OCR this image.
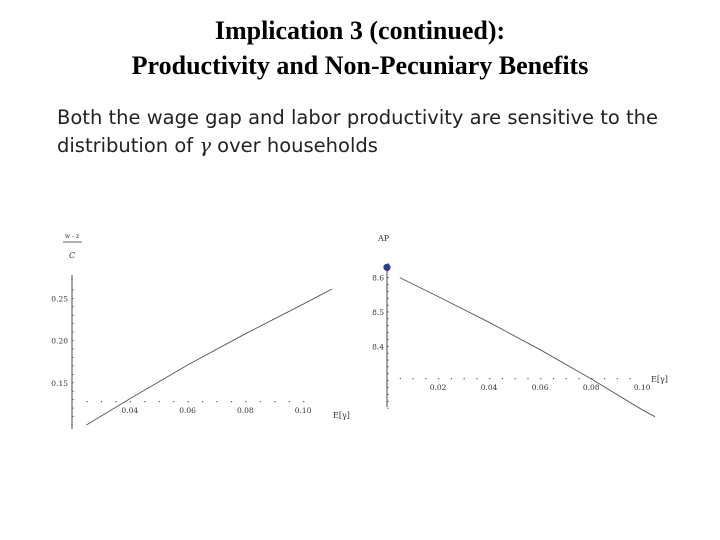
Implication 3 (continued):
Productivity and Non-Pecuniary Benefits
Both the wage gap and labor productivity are sensitive to the
distribution of γ over households
w - z
C
0.25
0.20
0.15
0.04	0.06	0.08	0.10
E[γ]
AP
8.6
8.5
8.4
0.02	0.04	0.06	0.08	0.10
E[γ]
